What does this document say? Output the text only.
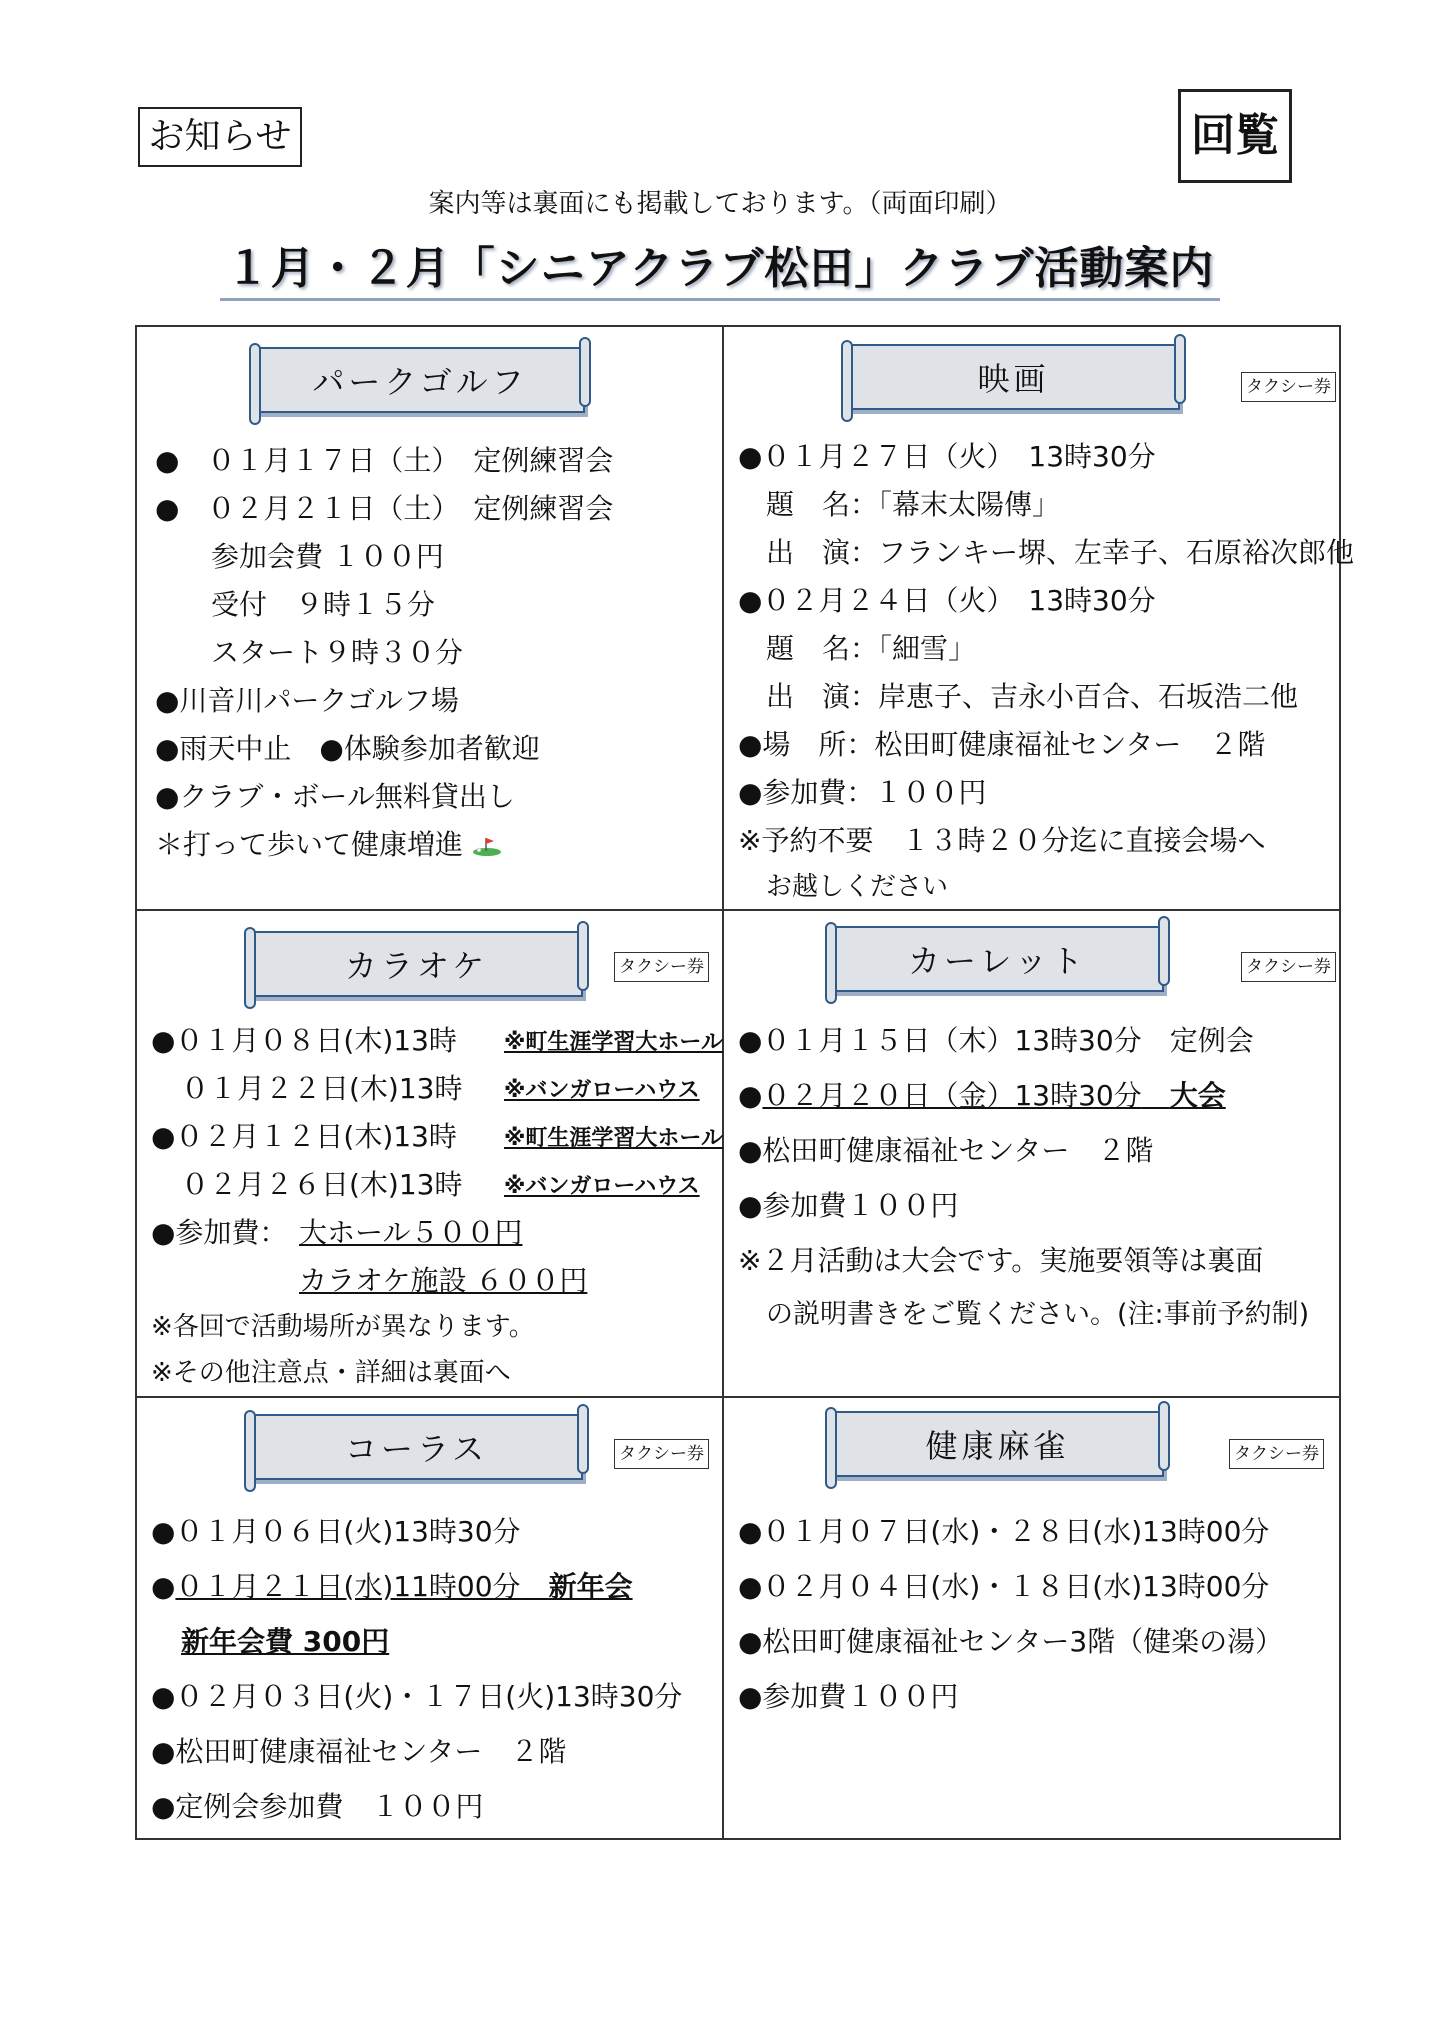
お知らせ	回覧
案内等は裏面にも掲載しております。（両面印刷）
１月・２月「シニアクラブ松田」クラブ活動案内
パークゴルフ
●　０１月１７日（土）　定例練習会
●　０２月２１日（土）　定例練習会
参加会費 １００円
受付　９時１５分
スタート９時３０分
●川音川パークゴルフ場
●雨天中止　●体験参加者歓迎
●クラブ・ボール無料貸出し
＊打って歩いて健康増進
映画	タクシー券
●０１月２７日（火）　13時30分
題　名：「幕末太陽傳」
出　演：フランキー堺、左幸子、石原裕次郎他
●０２月２４日（火）　13時30分
題　名：「細雪」
出　演：岸恵子、吉永小百合、石坂浩二他
●場　所：松田町健康福祉センター　２階
●参加費：１００円
※予約不要　１３時２０分迄に直接会場へ
お越しください
カラオケ	タクシー券
●０１月０８日(木)13時 ※町生涯学習大ホール
０１月２２日(木)13時 ※バンガローハウス
●０２月１２日(木)13時 ※町生涯学習大ホール
０２月２６日(木)13時 ※バンガローハウス
●参加費： 大ホール５００円
カラオケ施設 ６００円
※各回で活動場所が異なります。
※その他注意点・詳細は裏面へ
カーレット	タクシー券
●０１月１５日（木）13時30分　定例会
●０２月２０日（金）13時30分　 大会
●松田町健康福祉センター　２階
●参加費１００円
※２月活動は大会です。実施要領等は裏面
の説明書きをご覧ください。(注:事前予約制)
コーラス	タクシー券
●０１月０６日(火)13時30分
●０１月２１日(水)11時00分　 新年会
新年会費 300円
●０２月０３日(火)・１７日(火)13時30分
●松田町健康福祉センター　２階
●定例会参加費　１００円
健康麻雀	タクシー券
●０１月０７日(水)・２８日(水)13時00分
●０２月０４日(水)・１８日(水)13時00分
●松田町健康福祉センター3階（健楽の湯）
●参加費１００円
